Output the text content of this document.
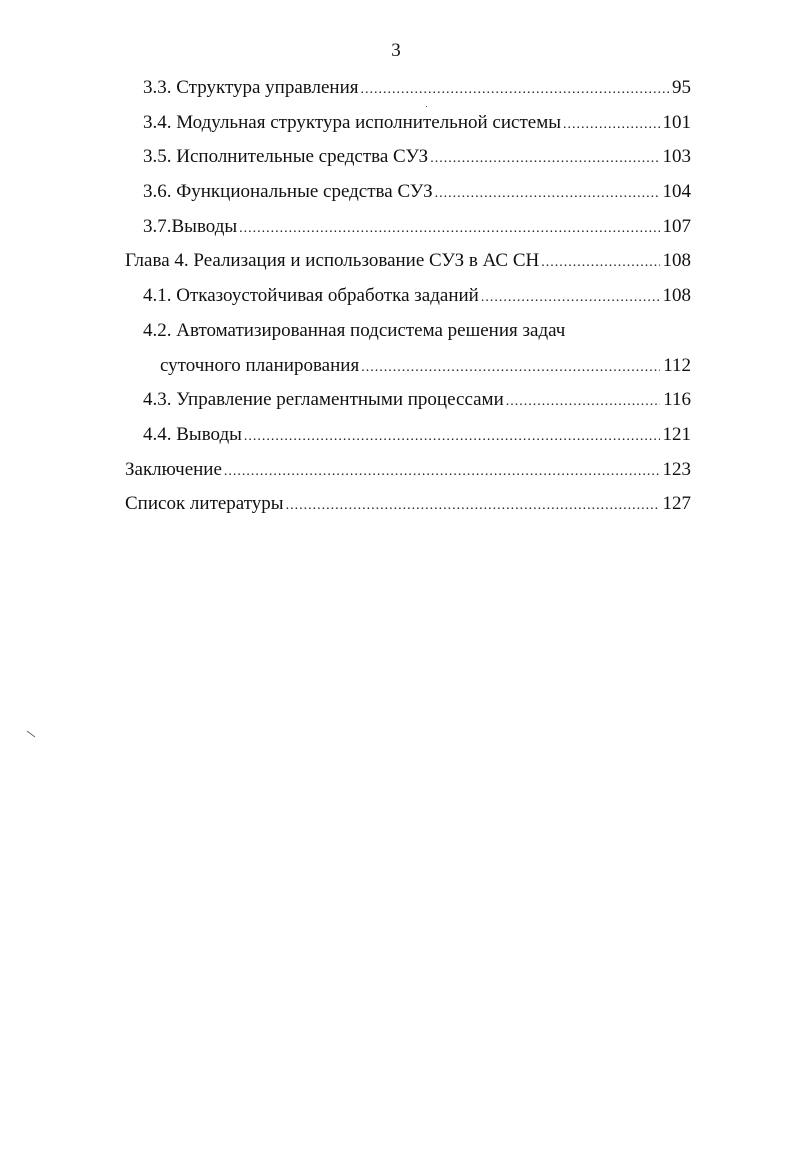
3
3.3. Структура управления .....	95
3.4. Модульная структура исполнительной системы .....	101
3.5. Исполнительные средства СУЗ .....	103
3.6. Функциональные средства СУЗ .....	104
3.7.Выводы .....	107
Глава 4. Реализация и использование СУЗ в АС СН .....	108
4.1. Отказоустойчивая обработка заданий .....	108
4.2. Автоматизированная подсистема решения задач
суточного планирования .....	112
4.3. Управление регламентными процессами .....	116
4.4. Выводы .....	121
Заключение .....	123
Список литературы .....	127
